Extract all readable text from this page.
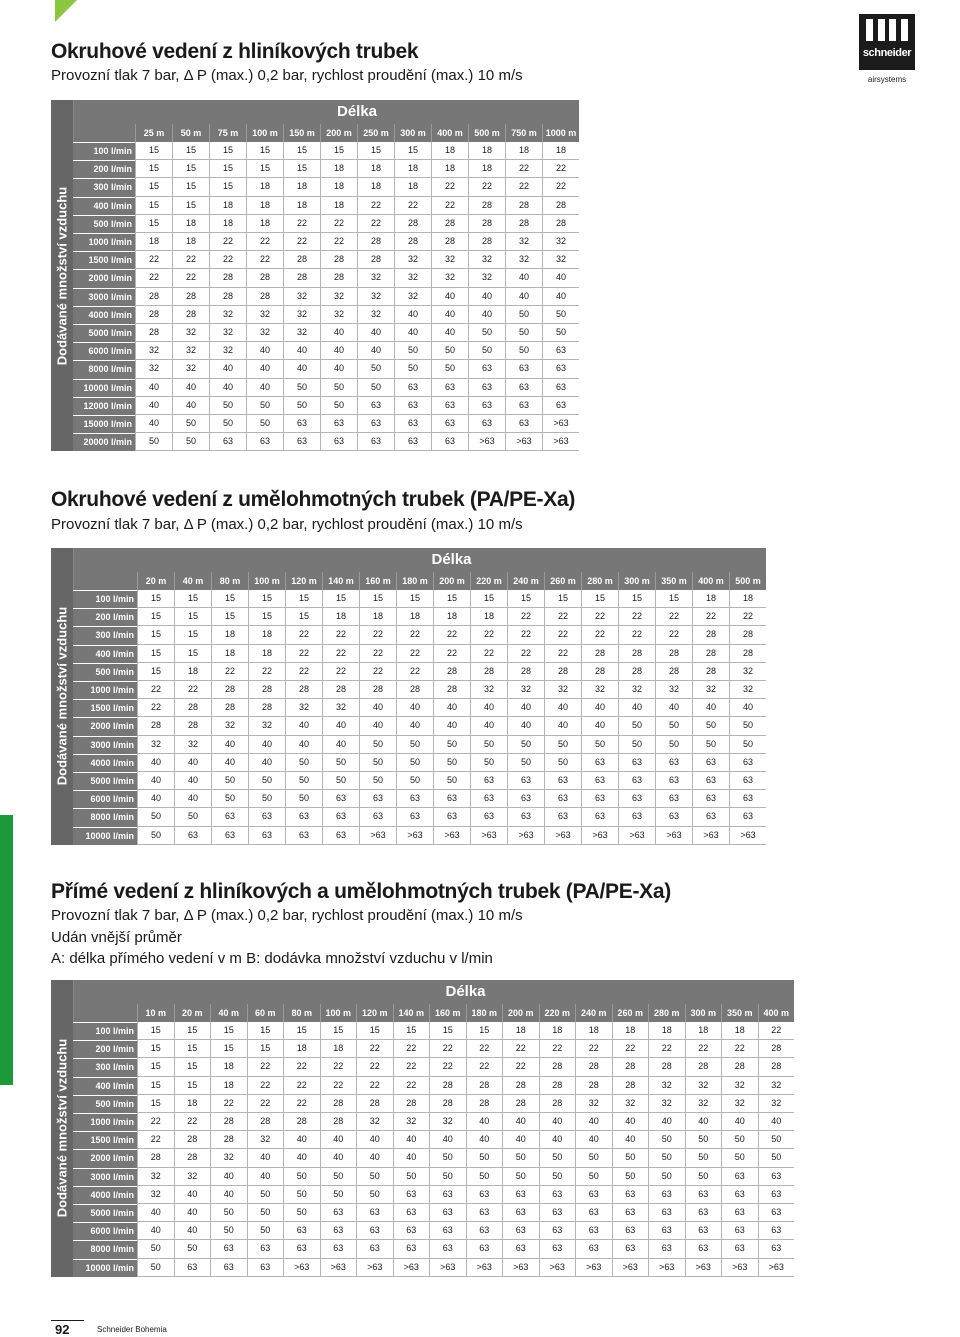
schneider
airsystems
Okruhové vedení z hliníkových trubek

Provozní tlak 7 bar, Δ P (max.) 0,2 bar, rychlost proudění (max.) 10 m/s

Dodávané množství vzduchu
Délka
25 m	50 m	75 m	100 m	150 m	200 m	250 m	300 m	400 m	500 m	750 m 1000 m
100 l/min	15	15	15	15	15	15	15	15	18	18	18	18
200 l/min	15	15	15	15	15	18	18	18	18	18	22	22
300 l/min	15	15	15	18	18	18	18	18	22	22	22	22
400 l/min	15	15	18	18	18	18	22	22	22	28	28	28
500 l/min	15	18	18	18	22	22	22	28	28	28	28	28
1000 l/min	18	18	22	22	22	22	28	28	28	28	32	32
1500 l/min	22	22	22	22	28	28	28	32	32	32	32	32
2000 l/min	22	22	28	28	28	28	32	32	32	32	40	40
3000 l/min	28	28	28	28	32	32	32	32	40	40	40	40
4000 l/min	28	28	32	32	32	32	32	40	40	40	50	50
5000 l/min	28	32	32	32	32	40	40	40	40	50	50	50
6000 l/min	32	32	32	40	40	40	40	50	50	50	50	63
8000 l/min	32	32	40	40	40	40	50	50	50	63	63	63
10000 l/min	40	40	40	40	50	50	50	63	63	63	63	63
12000 l/min	40	40	50	50	50	50	63	63	63	63	63	63
15000 l/min	40	50	50	50	63	63	63	63	63	63	63	>63
20000 l/min	50	50	63	63	63	63	63	63	63	>63	>63	>63
Okruhové vedení z umělohmotných trubek (PA/PE-Xa)

Provozní tlak 7 bar, Δ P (max.) 0,2 bar, rychlost proudění (max.) 10 m/s

Dodávané množství vzduchu
Délka
20 m	40 m	80 m	100 m	120 m	140 m	160 m	180 m	200 m	220 m	240 m	260 m	280 m	300 m	350 m	400 m	500 m
100 l/min	15	15	15	15	15	15	15	15	15	15	15	15	15	15	15	18	18
200 l/min	15	15	15	15	15	18	18	18	18	18	22	22	22	22	22	22	22
300 l/min	15	15	18	18	22	22	22	22	22	22	22	22	22	22	22	28	28
400 l/min	15	15	18	18	22	22	22	22	22	22	22	22	28	28	28	28	28
500 l/min	15	18	22	22	22	22	22	22	28	28	28	28	28	28	28	28	32
1000 l/min	22	22	28	28	28	28	28	28	28	32	32	32	32	32	32	32	32
1500 l/min	22	28	28	28	32	32	40	40	40	40	40	40	40	40	40	40	40
2000 l/min	28	28	32	32	40	40	40	40	40	40	40	40	40	50	50	50	50
3000 l/min	32	32	40	40	40	40	50	50	50	50	50	50	50	50	50	50	50
4000 l/min	40	40	40	40	50	50	50	50	50	50	50	50	63	63	63	63	63
5000 l/min	40	40	50	50	50	50	50	50	50	63	63	63	63	63	63	63	63
6000 l/min	40	40	50	50	50	63	63	63	63	63	63	63	63	63	63	63	63
8000 l/min	50	50	63	63	63	63	63	63	63	63	63	63	63	63	63	63	63
10000 l/min	50	63	63	63	63	63	>63	>63	>63	>63	>63	>63	>63	>63	>63	>63	>63
Přímé vedení z hliníkových a umělohmotných trubek (PA/PE-Xa)

Provozní tlak 7 bar, Δ P (max.) 0,2 bar, rychlost proudění (max.) 10 m/s

Udán vnější průměr

A: délka přímého vedení v m B: dodávka množství vzduchu v l/min

Dodávané množství vzduchu
Délka
10 m	20 m	40 m	60 m	80 m	100 m	120 m	140 m	160 m	180 m	200 m	220 m	240 m	260 m	280 m	300 m	350 m	400 m
100 l/min	15	15	15	15	15	15	15	15	15	15	18	18	18	18	18	18	18	22
200 l/min	15	15	15	15	18	18	22	22	22	22	22	22	22	22	22	22	22	28
300 l/min	15	15	18	22	22	22	22	22	22	22	22	28	28	28	28	28	28	28
400 l/min	15	15	18	22	22	22	22	22	28	28	28	28	28	28	32	32	32	32
500 l/min	15	18	22	22	22	28	28	28	28	28	28	28	32	32	32	32	32	32
1000 l/min	22	22	28	28	28	28	32	32	32	40	40	40	40	40	40	40	40	40
1500 l/min	22	28	28	32	40	40	40	40	40	40	40	40	40	40	50	50	50	50
2000 l/min	28	28	32	40	40	40	40	40	50	50	50	50	50	50	50	50	50	50
3000 l/min	32	32	40	40	50	50	50	50	50	50	50	50	50	50	50	50	63	63
4000 l/min	32	40	40	50	50	50	50	63	63	63	63	63	63	63	63	63	63	63
5000 l/min	40	40	50	50	50	63	63	63	63	63	63	63	63	63	63	63	63	63
6000 l/min	40	40	50	50	63	63	63	63	63	63	63	63	63	63	63	63	63	63
8000 l/min	50	50	63	63	63	63	63	63	63	63	63	63	63	63	63	63	63	63
10000 l/min	50	63	63	63	>63	>63	>63	>63	>63	>63	>63	>63	>63	>63	>63	>63	>63	>63
92	Schneider Bohemia
